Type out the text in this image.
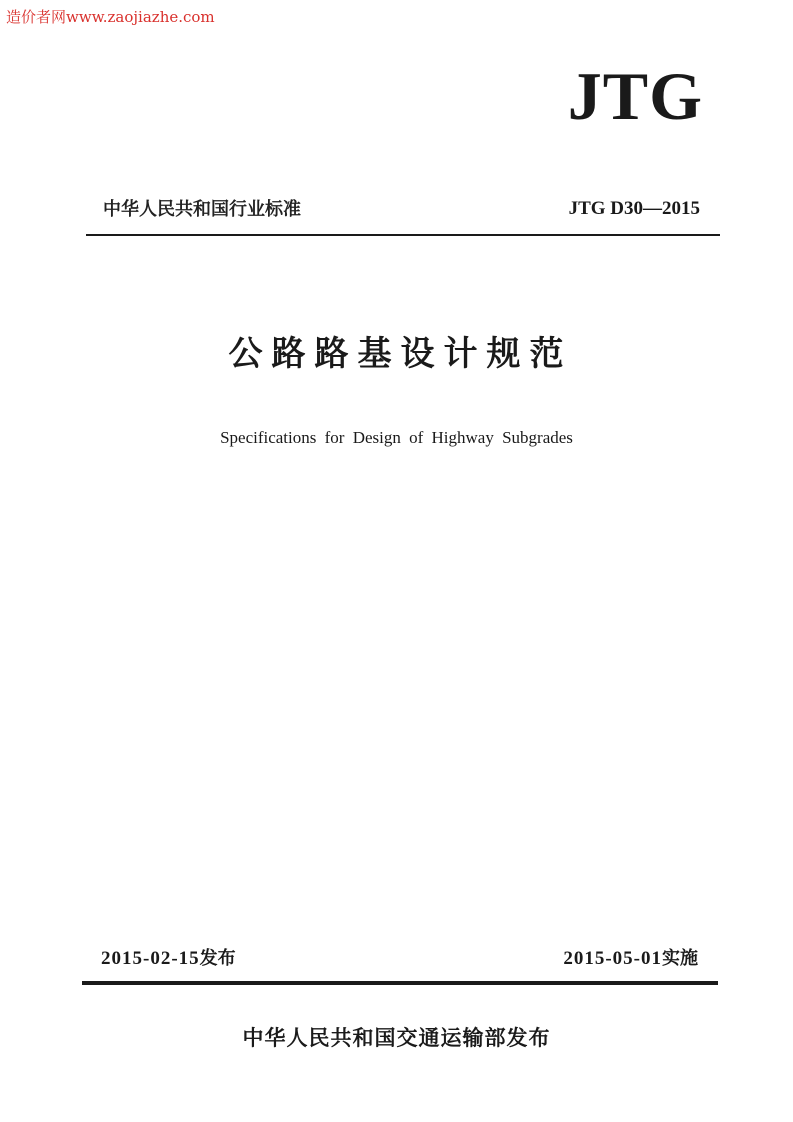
造价者网www.zaojiazhe.com
JTG
中华人民共和国行业标准	JTG D30—2015
公路路基设计规范
Specifications for Design of Highway Subgrades
2015-02-15发布	2015-05-01实施
中华人民共和国交通运输部发布
